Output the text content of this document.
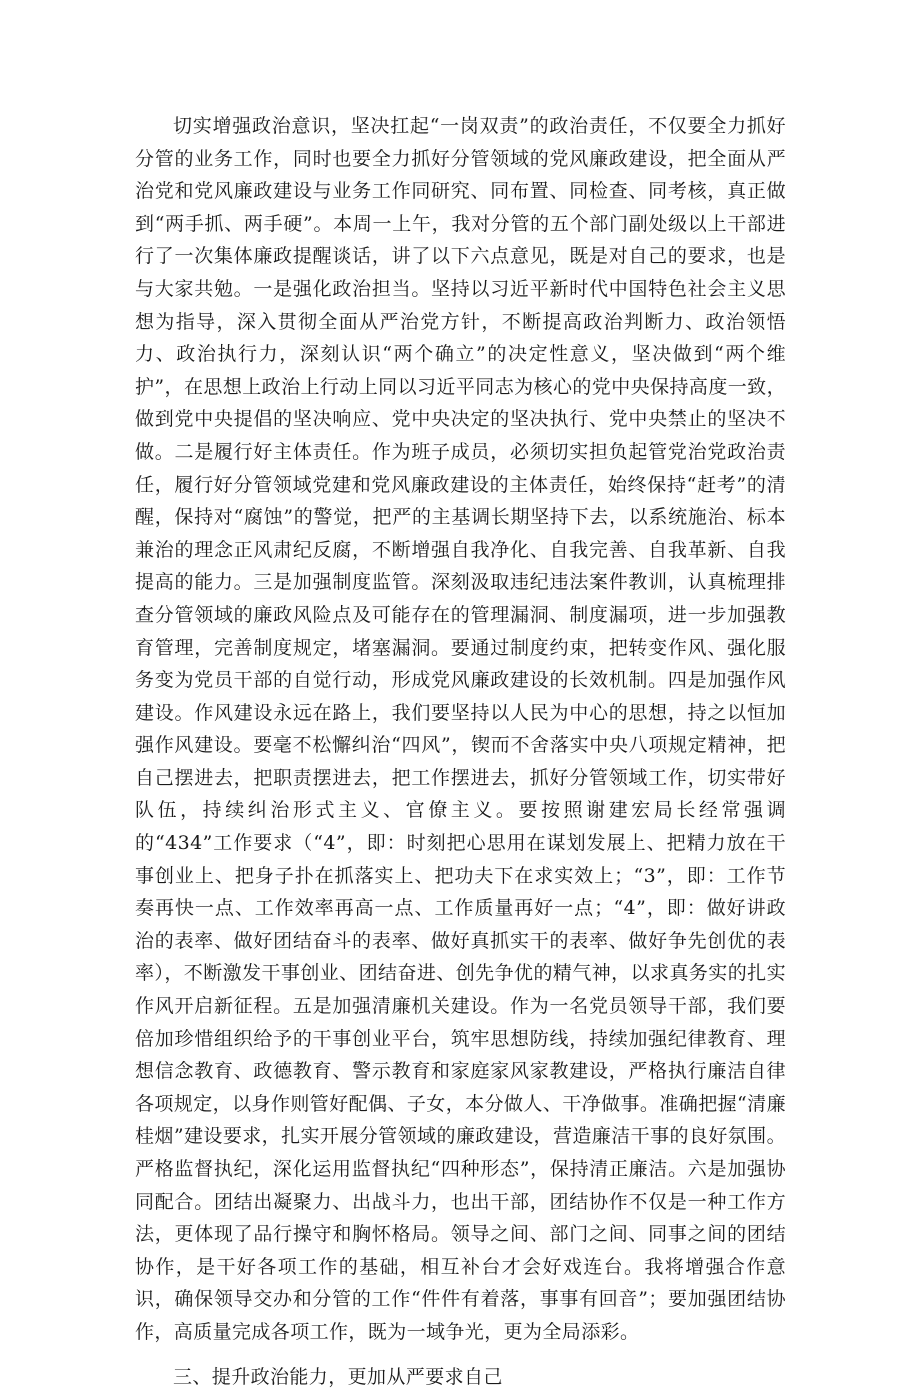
切实增强政治意识，坚决扛起“一岗双责”的政治责任，不仅要全力抓好分管的业务工作，同时也要全力抓好分管领域的党风廉政建设，把全面从严治党和党风廉政建设与业务工作同研究、同布置、同检查、同考核，真正做到“两手抓、两手硬”。本周一上午，我对分管的五个部门副处级以上干部进行了一次集体廉政提醒谈话，讲了以下六点意见，既是对自己的要求，也是与大家共勉。一是强化政治担当。坚持以习近平新时代中国特色社会主义思想为指导，深入贯彻全面从严治党方针，不断提高政治判断力、政治领悟力、政治执行力，深刻认识“两个确立”的决定性意义，坚决做到“两个维护”，在思想上政治上行动上同以习近平同志为核心的党中央保持高度一致，做到党中央提倡的坚决响应、党中央决定的坚决执行、党中央禁止的坚决不做。二是履行好主体责任。作为班子成员，必须切实担负起管党治党政治责任，履行好分管领域党建和党风廉政建设的主体责任，始终保持“赶考”的清醒，保持对“腐蚀”的警觉，把严的主基调长期坚持下去，以系统施治、标本兼治的理念正风肃纪反腐，不断增强自我净化、自我完善、自我革新、自我提高的能力。三是加强制度监管。深刻汲取违纪违法案件教训，认真梳理排查分管领域的廉政风险点及可能存在的管理漏洞、制度漏项，进一步加强教育管理，完善制度规定，堵塞漏洞。要通过制度约束，把转变作风、强化服务变为党员干部的自觉行动，形成党风廉政建设的长效机制。四是加强作风建设。作风建设永远在路上，我们要坚持以人民为中心的思想，持之以恒加强作风建设。要毫不松懈纠治“四风”，锲而不舍落实中央八项规定精神，把自己摆进去，把职责摆进去，把工作摆进去，抓好分管领域工作，切实带好队伍，持续纠治形式主义、官僚主义。要按照谢建宏局长经常强调的“434”工作要求（“4”，即：时刻把心思用在谋划发展上、把精力放在干事创业上、把身子扑在抓落实上、把功夫下在求实效上；“3”，即：工作节奏再快一点、工作效率再高一点、工作质量再好一点；“4”，即：做好讲政治的表率、做好团结奋斗的表率、做好真抓实干的表率、做好争先创优的表率），不断激发干事创业、团结奋进、创先争优的精气神，以求真务实的扎实作风开启新征程。五是加强清廉机关建设。作为一名党员领导干部，我们要倍加珍惜组织给予的干事创业平台，筑牢思想防线，持续加强纪律教育、理想信念教育、政德教育、警示教育和家庭家风家教建设，严格执行廉洁自律各项规定，以身作则管好配偶、子女，本分做人、干净做事。准确把握“清廉桂烟”建设要求，扎实开展分管领域的廉政建设，营造廉洁干事的良好氛围。严格监督执纪，深化运用监督执纪“四种形态”，保持清正廉洁。六是加强协同配合。团结出凝聚力、出战斗力，也出干部，团结协作不仅是一种工作方法，更体现了品行操守和胸怀格局。领导之间、部门之间、同事之间的团结协作，是干好各项工作的基础，相互补台才会好戏连台。我将增强合作意识，确保领导交办和分管的工作“件件有着落，事事有回音”；要加强团结协作，高质量完成各项工作，既为一域争光，更为全局添彩。

三、提升政治能力，更加从严要求自己
